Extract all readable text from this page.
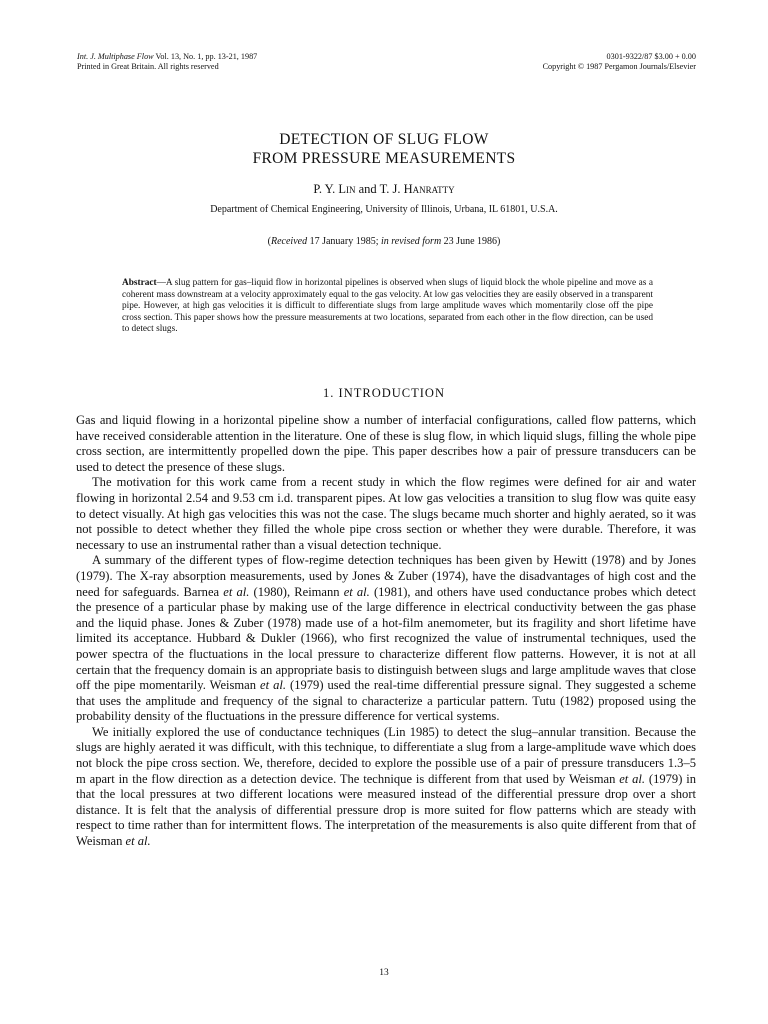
Int. J. Multiphase Flow Vol. 13, No. 1, pp. 13-21, 1987
Printed in Great Britain. All rights reserved
0301-9322/87 $3.00 + 0.00
Copyright © 1987 Pergamon Journals/Elsevier
DETECTION OF SLUG FLOW
FROM PRESSURE MEASUREMENTS
P. Y. Lin and T. J. Hanratty
Department of Chemical Engineering, University of Illinois, Urbana, IL 61801, U.S.A.
(Received 17 January 1985; in revised form 23 June 1986)
Abstract—A slug pattern for gas–liquid flow in horizontal pipelines is observed when slugs of liquid block the whole pipeline and move as a coherent mass downstream at a velocity approximately equal to the gas velocity. At low gas velocities they are easily observed in a transparent pipe. However, at high gas velocities it is difficult to differentiate slugs from large amplitude waves which momentarily close off the pipe cross section. This paper shows how the pressure measurements at two locations, separated from each other in the flow direction, can be used to detect slugs.
1. INTRODUCTION

Gas and liquid flowing in a horizontal pipeline show a number of interfacial configurations, called flow patterns, which have received considerable attention in the literature. One of these is slug flow, in which liquid slugs, filling the whole pipe cross section, are intermittently propelled down the pipe. This paper describes how a pair of pressure transducers can be used to detect the presence of these slugs.

The motivation for this work came from a recent study in which the flow regimes were defined for air and water flowing in horizontal 2.54 and 9.53 cm i.d. transparent pipes. At low gas velocities a transition to slug flow was quite easy to detect visually. At high gas velocities this was not the case. The slugs became much shorter and highly aerated, so it was not possible to detect whether they filled the whole pipe cross section or whether they were durable. Therefore, it was necessary to use an instrumental rather than a visual detection technique.

A summary of the different types of flow-regime detection techniques has been given by Hewitt (1978) and by Jones (1979). The X-ray absorption measurements, used by Jones & Zuber (1974), have the disadvantages of high cost and the need for safeguards. Barnea et al. (1980), Reimann et al. (1981), and others have used conductance probes which detect the presence of a particular phase by making use of the large difference in electrical conductivity between the gas phase and the liquid phase. Jones & Zuber (1978) made use of a hot-film anemometer, but its fragility and short lifetime have limited its acceptance. Hubbard & Dukler (1966), who first recognized the value of instrumental techniques, used the power spectra of the fluctuations in the local pressure to characterize different flow patterns. However, it is not at all certain that the frequency domain is an appropriate basis to distinguish between slugs and large amplitude waves that close off the pipe momentarily. Weisman et al. (1979) used the real-time differential pressure signal. They suggested a scheme that uses the amplitude and frequency of the signal to characterize a particular pattern. Tutu (1982) proposed using the probability density of the fluctuations in the pressure difference for vertical systems.

We initially explored the use of conductance techniques (Lin 1985) to detect the slug–annular transition. Because the slugs are highly aerated it was difficult, with this technique, to differentiate a slug from a large-amplitude wave which does not block the pipe cross section. We, therefore, decided to explore the possible use of a pair of pressure transducers 1.3–5 m apart in the flow direction as a detection device. The technique is different from that used by Weisman et al. (1979) in that the local pressures at two different locations were measured instead of the differential pressure drop over a short distance. It is felt that the analysis of differential pressure drop is more suited for flow patterns which are steady with respect to time rather than for intermittent flows. The interpretation of the measurements is also quite different from that of Weisman et al.

13
